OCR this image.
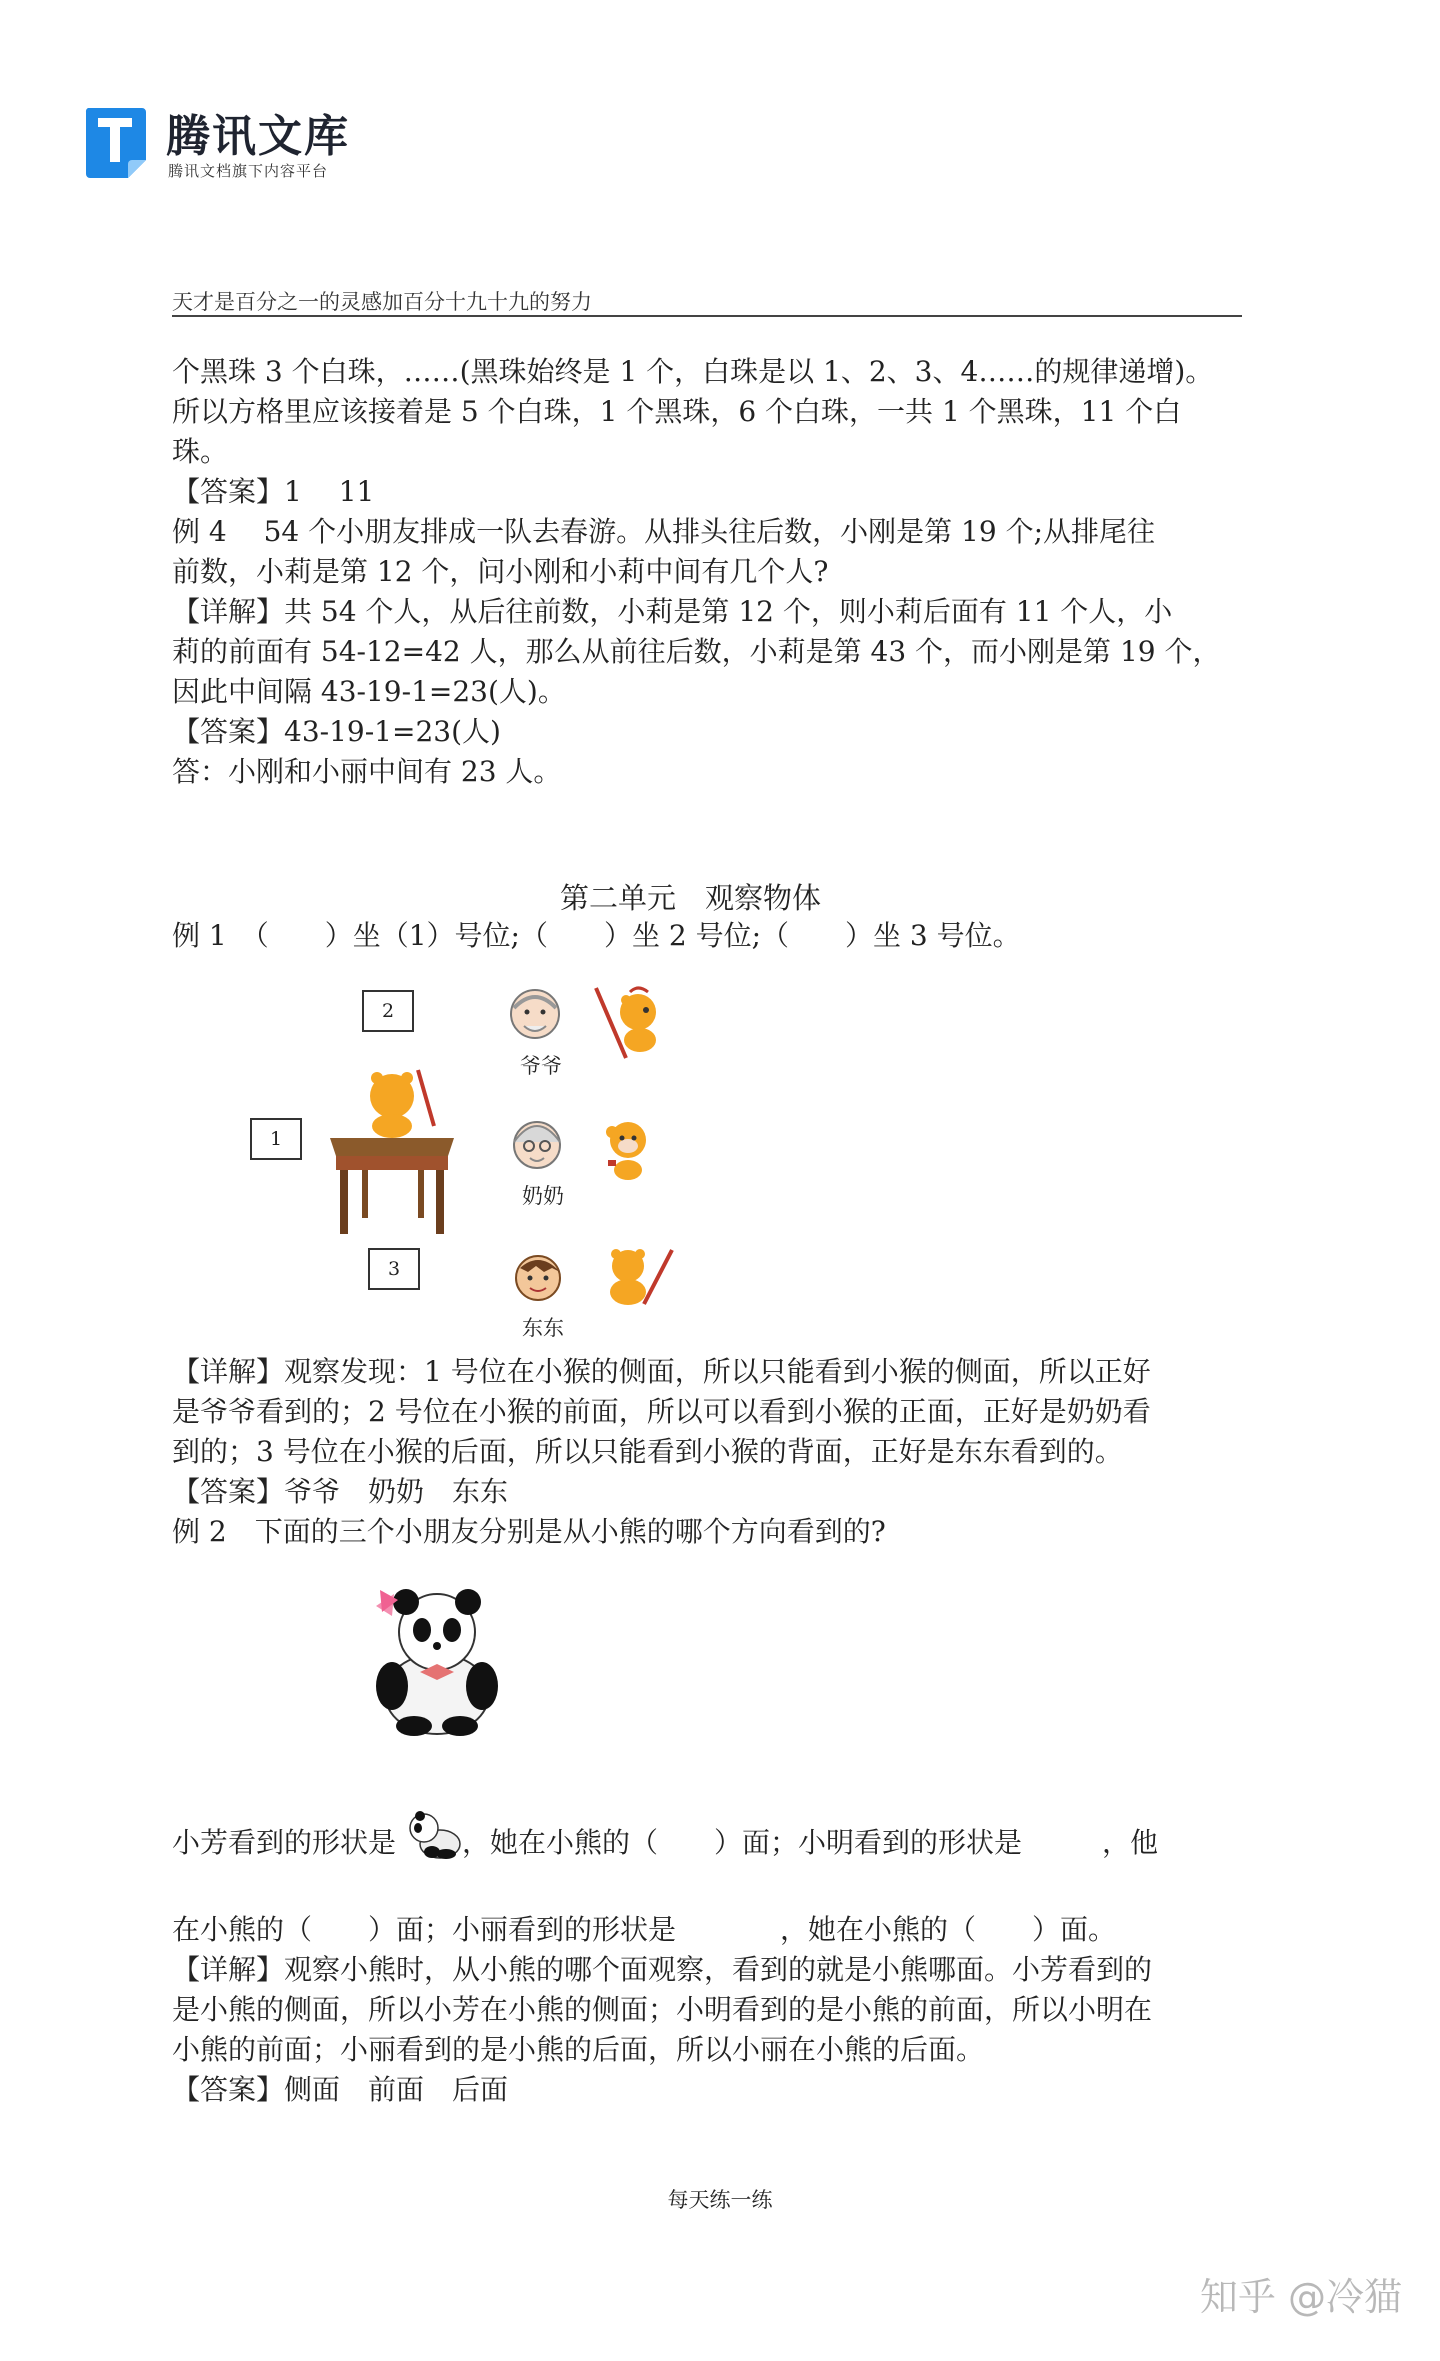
腾讯文库
腾讯文档旗下内容平台
天才是百分之一的灵感加百分十九十九的努力
个黑珠 3 个白珠，……(黑珠始终是 1 个，白珠是以 1、2、3、4……的规律递增)。
所以方格里应该接着是 5 个白珠，1 个黑珠，6 个白珠，一共 1 个黑珠，11 个白
珠。
【答案】1　 11
例 4　 54 个小朋友排成一队去春游。从排头往后数，小刚是第 19 个;从排尾往
前数，小莉是第 12 个，问小刚和小莉中间有几个人?
【详解】共 54 个人，从后往前数，小莉是第 12 个，则小莉后面有 11 个人，小
莉的前面有 54-12=42 人，那么从前往后数，小莉是第 43 个，而小刚是第 19 个，
因此中间隔 43-19-1=23(人)。
【答案】43-19-1=23(人)
答：小刚和小丽中间有 23 人。
第二单元　观察物体
例 1　（　　）坐（1）号位;（　　）坐 2 号位;（　　）坐 3 号位。
2
1
3
爷爷
奶奶
东东
【详解】观察发现：1 号位在小猴的侧面，所以只能看到小猴的侧面，所以正好
是爷爷看到的；2 号位在小猴的前面，所以可以看到小猴的正面，正好是奶奶看
到的；3 号位在小猴的后面，所以只能看到小猴的背面，正好是东东看到的。
【答案】爷爷　奶奶　东东
例 2　下面的三个小朋友分别是从小熊的哪个方向看到的?
小芳看到的形状是 ，她在小熊的（　　）面；小明看到的形状是	，他
在小熊的（　　）面；小丽看到的形状是	，她在小熊的（　　）面。
【详解】观察小熊时，从小熊的哪个面观察，看到的就是小熊哪面。小芳看到的
是小熊的侧面，所以小芳在小熊的侧面；小明看到的是小熊的前面，所以小明在
小熊的前面；小丽看到的是小熊的后面，所以小丽在小熊的后面。
【答案】侧面　前面　后面
每天练一练
知乎 @冷猫
